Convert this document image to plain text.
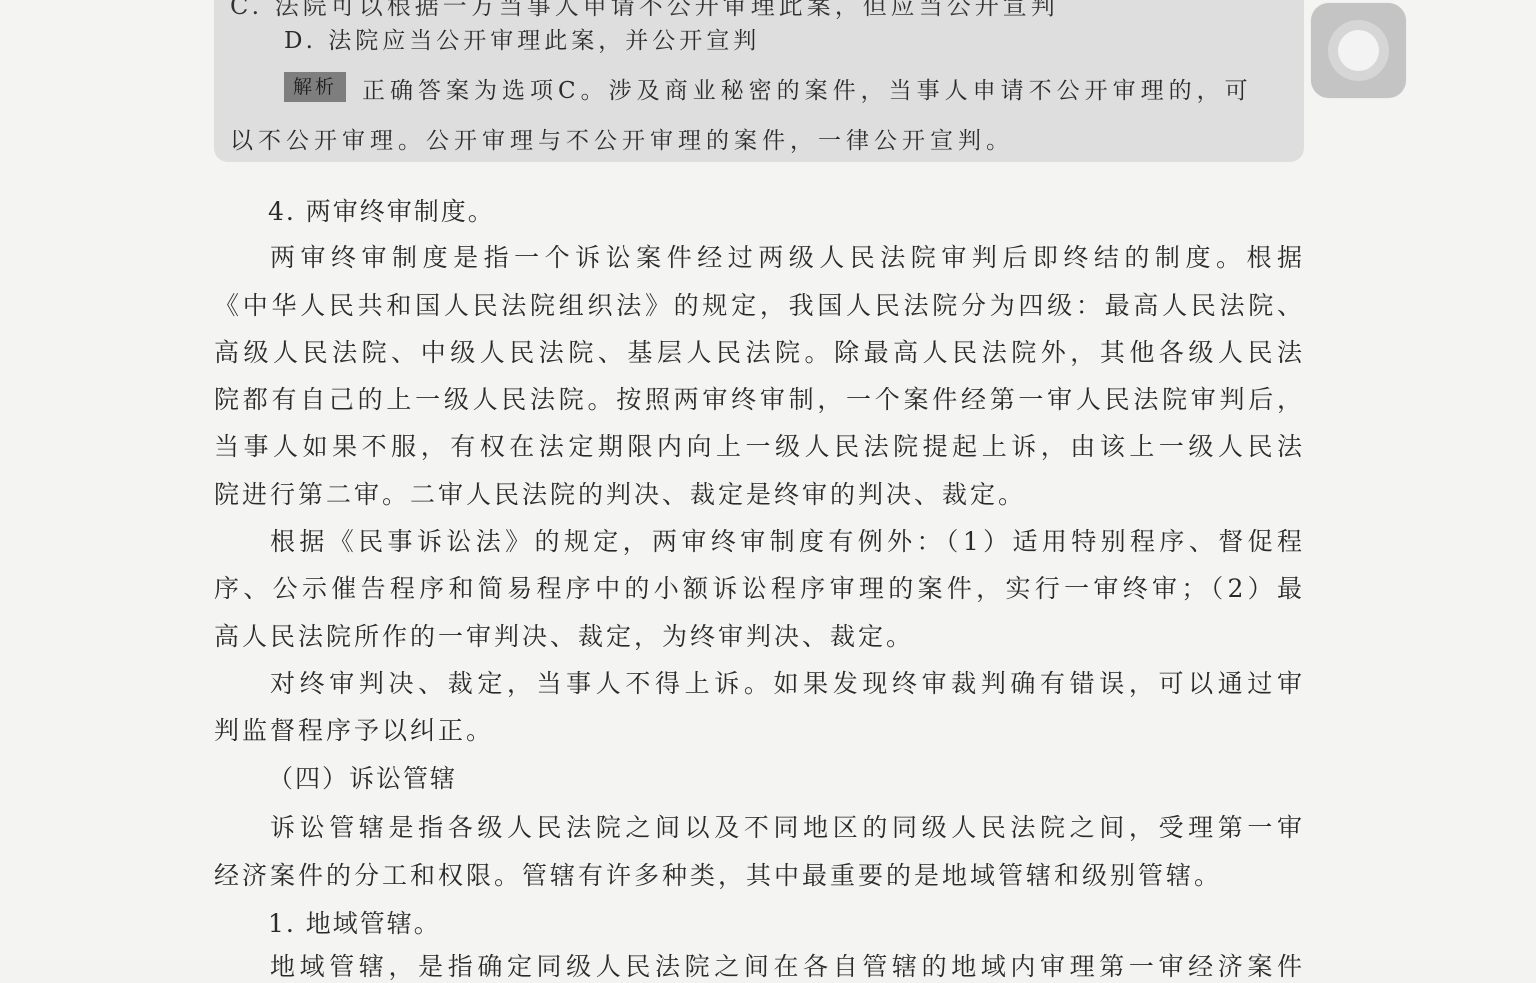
D. 法院应当公开审理此案，并公开宣判
解析	正确答案为选项C。涉及商业秘密的案件，当事人申请不公开审理的，可
以不公开审理。公开审理与不公开审理的案件，一律公开宣判。
4. 两审终审制度。
两审终审制度是指一个诉讼案件经过两级人民法院审判后即终结的制度。根据
《中华人民共和国人民法院组织法》的规定，我国人民法院分为四级：最高人民法院、
高级人民法院、中级人民法院、基层人民法院。除最高人民法院外，其他各级人民法
院都有自己的上一级人民法院。按照两审终审制，一个案件经第一审人民法院审判后，
当事人如果不服，有权在法定期限内向上一级人民法院提起上诉，由该上一级人民法
院进行第二审。二审人民法院的判决、裁定是终审的判决、裁定。
根据《民事诉讼法》的规定，两审终审制度有例外：（1）适用特别程序、督促程
序、公示催告程序和简易程序中的小额诉讼程序审理的案件，实行一审终审；（2）最
高人民法院所作的一审判决、裁定，为终审判决、裁定。
对终审判决、裁定，当事人不得上诉。如果发现终审裁判确有错误，可以通过审
判监督程序予以纠正。
（四）诉讼管辖
诉讼管辖是指各级人民法院之间以及不同地区的同级人民法院之间，受理第一审
经济案件的分工和权限。管辖有许多种类，其中最重要的是地域管辖和级别管辖。
1. 地域管辖。
地域管辖，是指确定同级人民法院之间在各自管辖的地域内审理第一审经济案件
